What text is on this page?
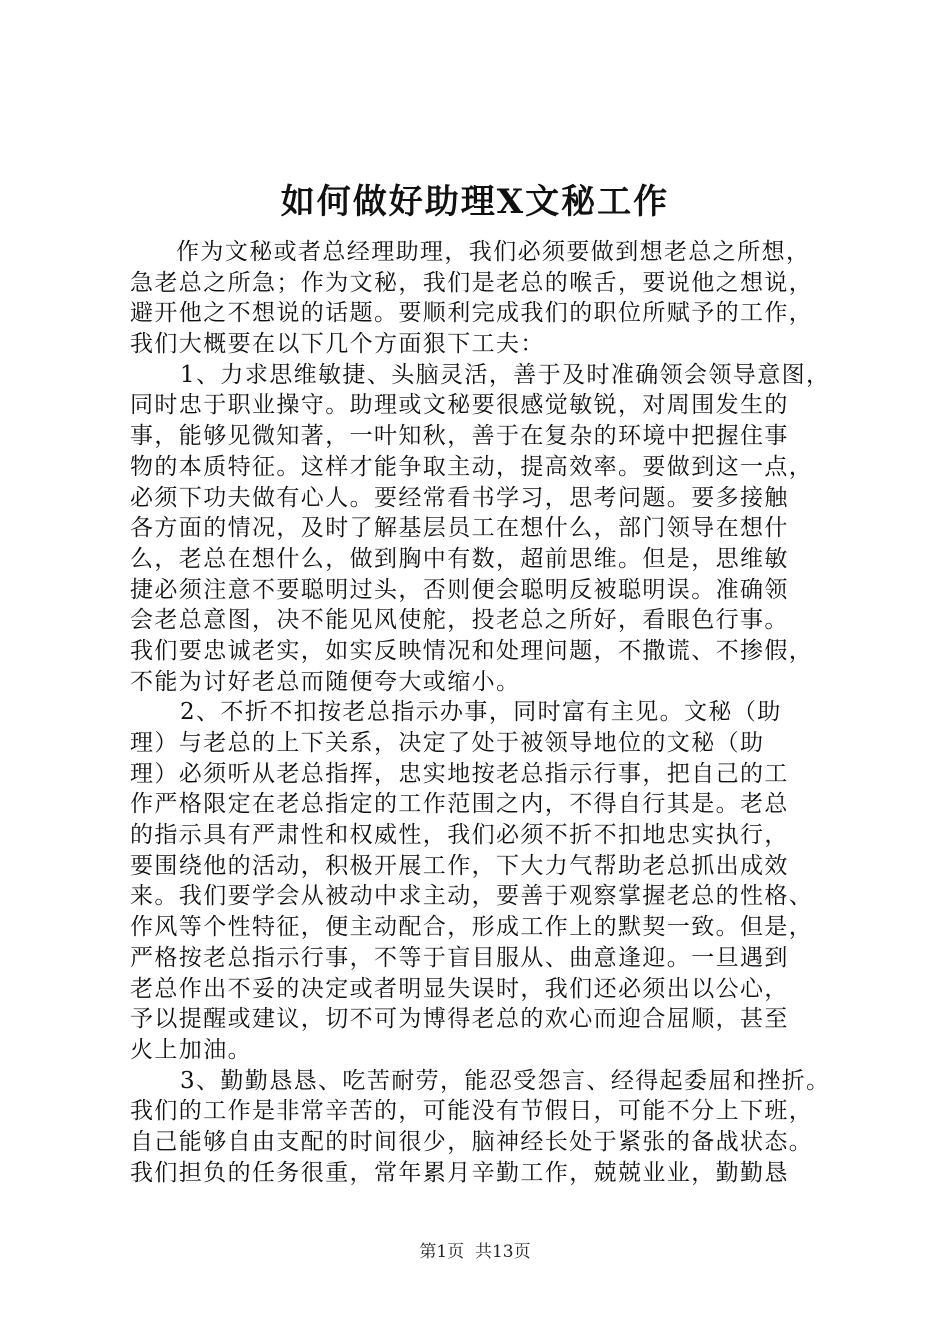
如何做好助理X文秘工作
作为文秘或者总经理助理，我们必须要做到想老总之所想，
急老总之所急；作为文秘，我们是老总的喉舌，要说他之想说，
避开他之不想说的话题。要顺利完成我们的职位所赋予的工作，
我们大概要在以下几个方面狠下工夫：
1、力求思维敏捷、头脑灵活，善于及时准确领会领导意图，
同时忠于职业操守。助理或文秘要很感觉敏锐，对周围发生的
事，能够见微知著，一叶知秋，善于在复杂的环境中把握住事
物的本质特征。这样才能争取主动，提高效率。要做到这一点，
必须下功夫做有心人。要经常看书学习，思考问题。要多接触
各方面的情况，及时了解基层员工在想什么，部门领导在想什
么，老总在想什么，做到胸中有数，超前思维。但是，思维敏
捷必须注意不要聪明过头，否则便会聪明反被聪明误。准确领
会老总意图，决不能见风使舵，投老总之所好，看眼色行事。
我们要忠诚老实，如实反映情况和处理问题，不撒谎、不掺假，
不能为讨好老总而随便夸大或缩小。
2、不折不扣按老总指示办事，同时富有主见。文秘（助
理）与老总的上下关系，决定了处于被领导地位的文秘（助
理）必须听从老总指挥，忠实地按老总指示行事，把自己的工
作严格限定在老总指定的工作范围之内，不得自行其是。老总
的指示具有严肃性和权威性，我们必须不折不扣地忠实执行，
要围绕他的活动，积极开展工作，下大力气帮助老总抓出成效
来。我们要学会从被动中求主动，要善于观察掌握老总的性格、
作风等个性特征，便主动配合，形成工作上的默契一致。但是，
严格按老总指示行事，不等于盲目服从、曲意逢迎。一旦遇到
老总作出不妥的决定或者明显失误时，我们还必须出以公心，
予以提醒或建议，切不可为博得老总的欢心而迎合屈顺，甚至
火上加油。
3、勤勤恳恳、吃苦耐劳，能忍受怨言、经得起委屈和挫折。
我们的工作是非常辛苦的，可能没有节假日，可能不分上下班，
自己能够自由支配的时间很少，脑神经长处于紧张的备战状态。
我们担负的任务很重，常年累月辛勤工作，兢兢业业，勤勤恳
第1页  共13页
